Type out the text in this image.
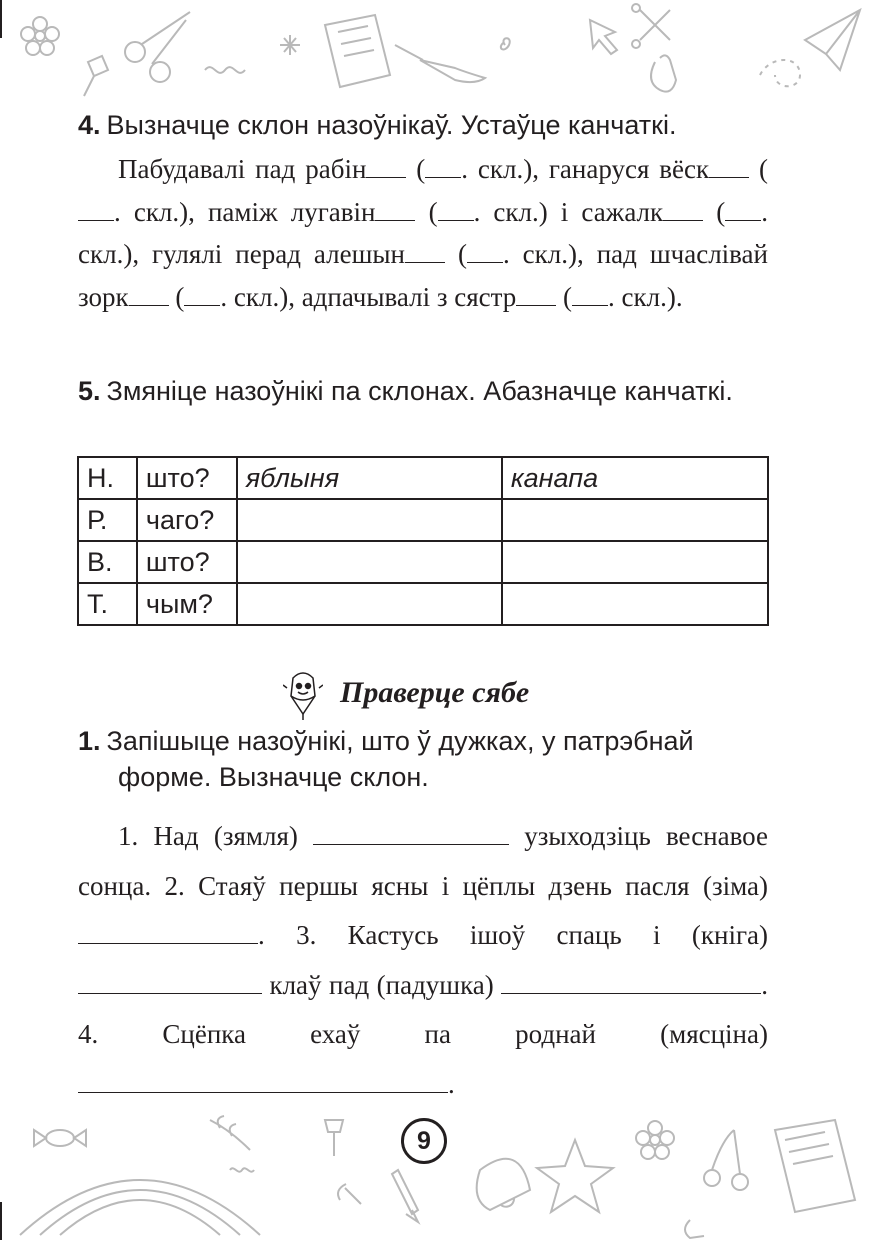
4. Вызначце склон назоўнікаў. Устаўце канчаткі.
Пабудавалі пад рабін ( . скл.), ганаруся вёск (. скл.), паміж лугавін ( . скл.) і сажалк ( . скл.), гулялі перад алешын ( . скл.), пад шчаслівай зорк ( . скл.), адпачывалі з сястр ( . скл.).
5. Змяніце назоўнікі па склонах. Абазначце канчаткі.
Н.	што?	яблыня	канапа
Р.	чаго?		
В.	што?		
Т.	чым?		
Праверце сябе
1. Запішыце назоўнікі, што ў дужках, у патрэбнай форме. Вызначце склон.
1. Над (зямля)	узыходзіць веснавое сонца. 2. Стаяў першы ясны і цёплы дзень пасля (зіма) . 3. Кастусь ішоў спаць і (кніга)  клаў пад (падушка)	. 4. Сцёпка ехаў па роднай (мясціна) .
9
